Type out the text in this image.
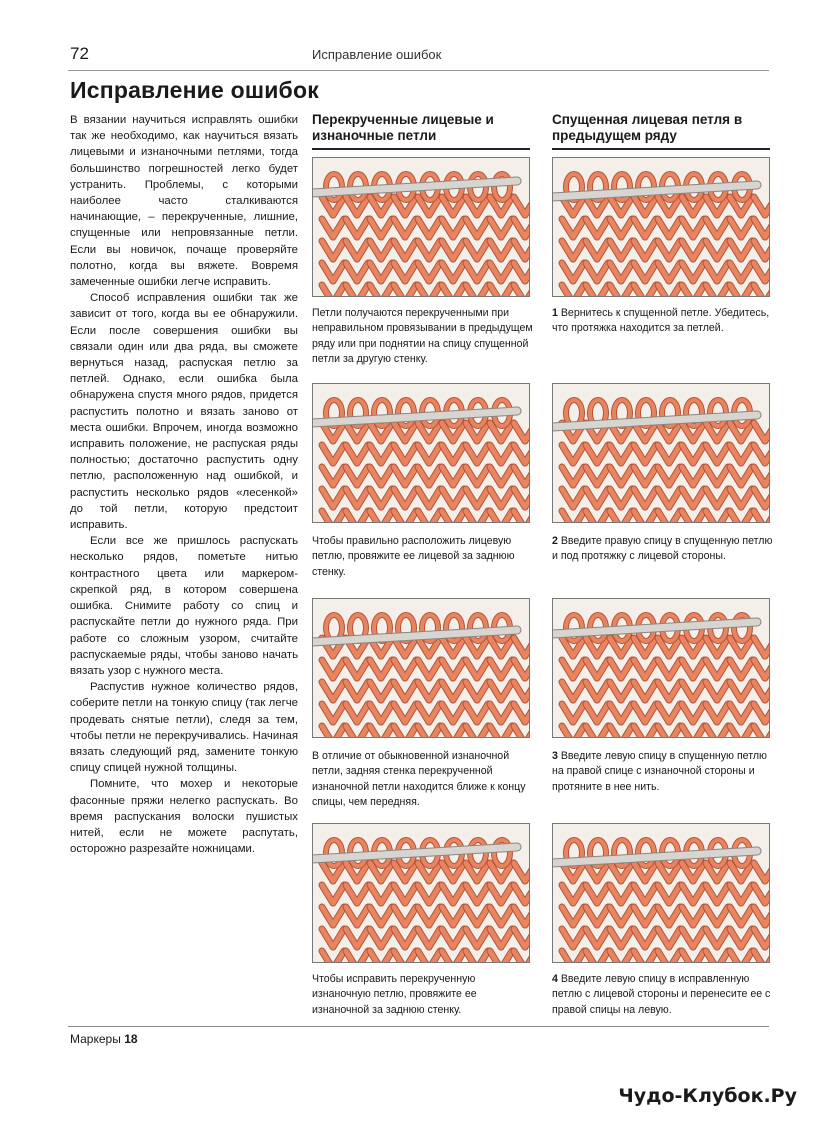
72	Исправление ошибок
Исправление ошибок

В вязании научиться исправлять ошибки так же необходимо, как научиться вязать лицевыми и изнаночными петлями, тогда большинство погрешностей легко будет устранить. Проблемы, с которыми наиболее часто сталкиваются начинающие, – перекрученные, лишние, спущенные или непровязанные петли. Если вы новичок, почаще проверяйте полотно, когда вы вяжете. Вовремя замеченные ошибки легче исправить.

Способ исправления ошибки так же зависит от того, когда вы ее обнаружили. Если после совершения ошибки вы связали один или два ряда, вы сможете вернуться назад, распуская петлю за петлей. Однако, если ошибка была обнаружена спустя много рядов, придется распустить полотно и вязать заново от места ошибки. Впрочем, иногда возможно исправить положение, не распуская ряды полностью; достаточно распустить одну петлю, расположенную над ошибкой, и распустить несколько рядов «лесенкой» до той петли, которую предстоит исправить.

Если все же пришлось распускать несколько рядов, пометьте нитью контрастного цвета или маркером-скрепкой ряд, в котором совершена ошибка. Снимите работу со спиц и распускайте петли до нужного ряда. При работе со сложным узором, считайте распускаемые ряды, чтобы заново начать вязать узор с нужного места.

Распустив нужное количество рядов, соберите петли на тонкую спицу (так легче продевать снятые петли), следя за тем, чтобы петли не перекручивались. Начиная вязать следующий ряд, замените тонкую спицу спицей нужной толщины.

Помните, что мохер и некоторые фасонные пряжи нелегко распускать. Во время распускания волоски пушистых нитей, если не можете распутать, осторожно разрезайте ножницами.

Перекрученные лицевые и изнаночные петли
Петли получаются перекрученными при неправильном провязывании в предыдущем ряду или при поднятии на спицу спущенной петли за другую стенку.
Чтобы правильно расположить лицевую петлю, провяжите ее лицевой за заднюю стенку.
В отличие от обыкновенной изнаночной петли, задняя стенка перекрученной изнаночной петли находится ближе к концу спицы, чем передняя.
Чтобы исправить перекрученную изнаночную петлю, провяжите ее изнаночной за заднюю стенку.
Спущенная лицевая петля в предыдущем ряду
1 Вернитесь к спущенной петле. Убедитесь, что протяжка находится за петлей.
2 Введите правую спицу в спущенную петлю и под протяжку с лицевой стороны.
3 Введите левую спицу в спущенную петлю на правой спице с изнаночной стороны и протяните в нее нить.
4 Введите левую спицу в исправленную петлю с лицевой стороны и перенесите ее с правой спицы на левую.
Маркеры 18
Чудо-Клубок.Ру
